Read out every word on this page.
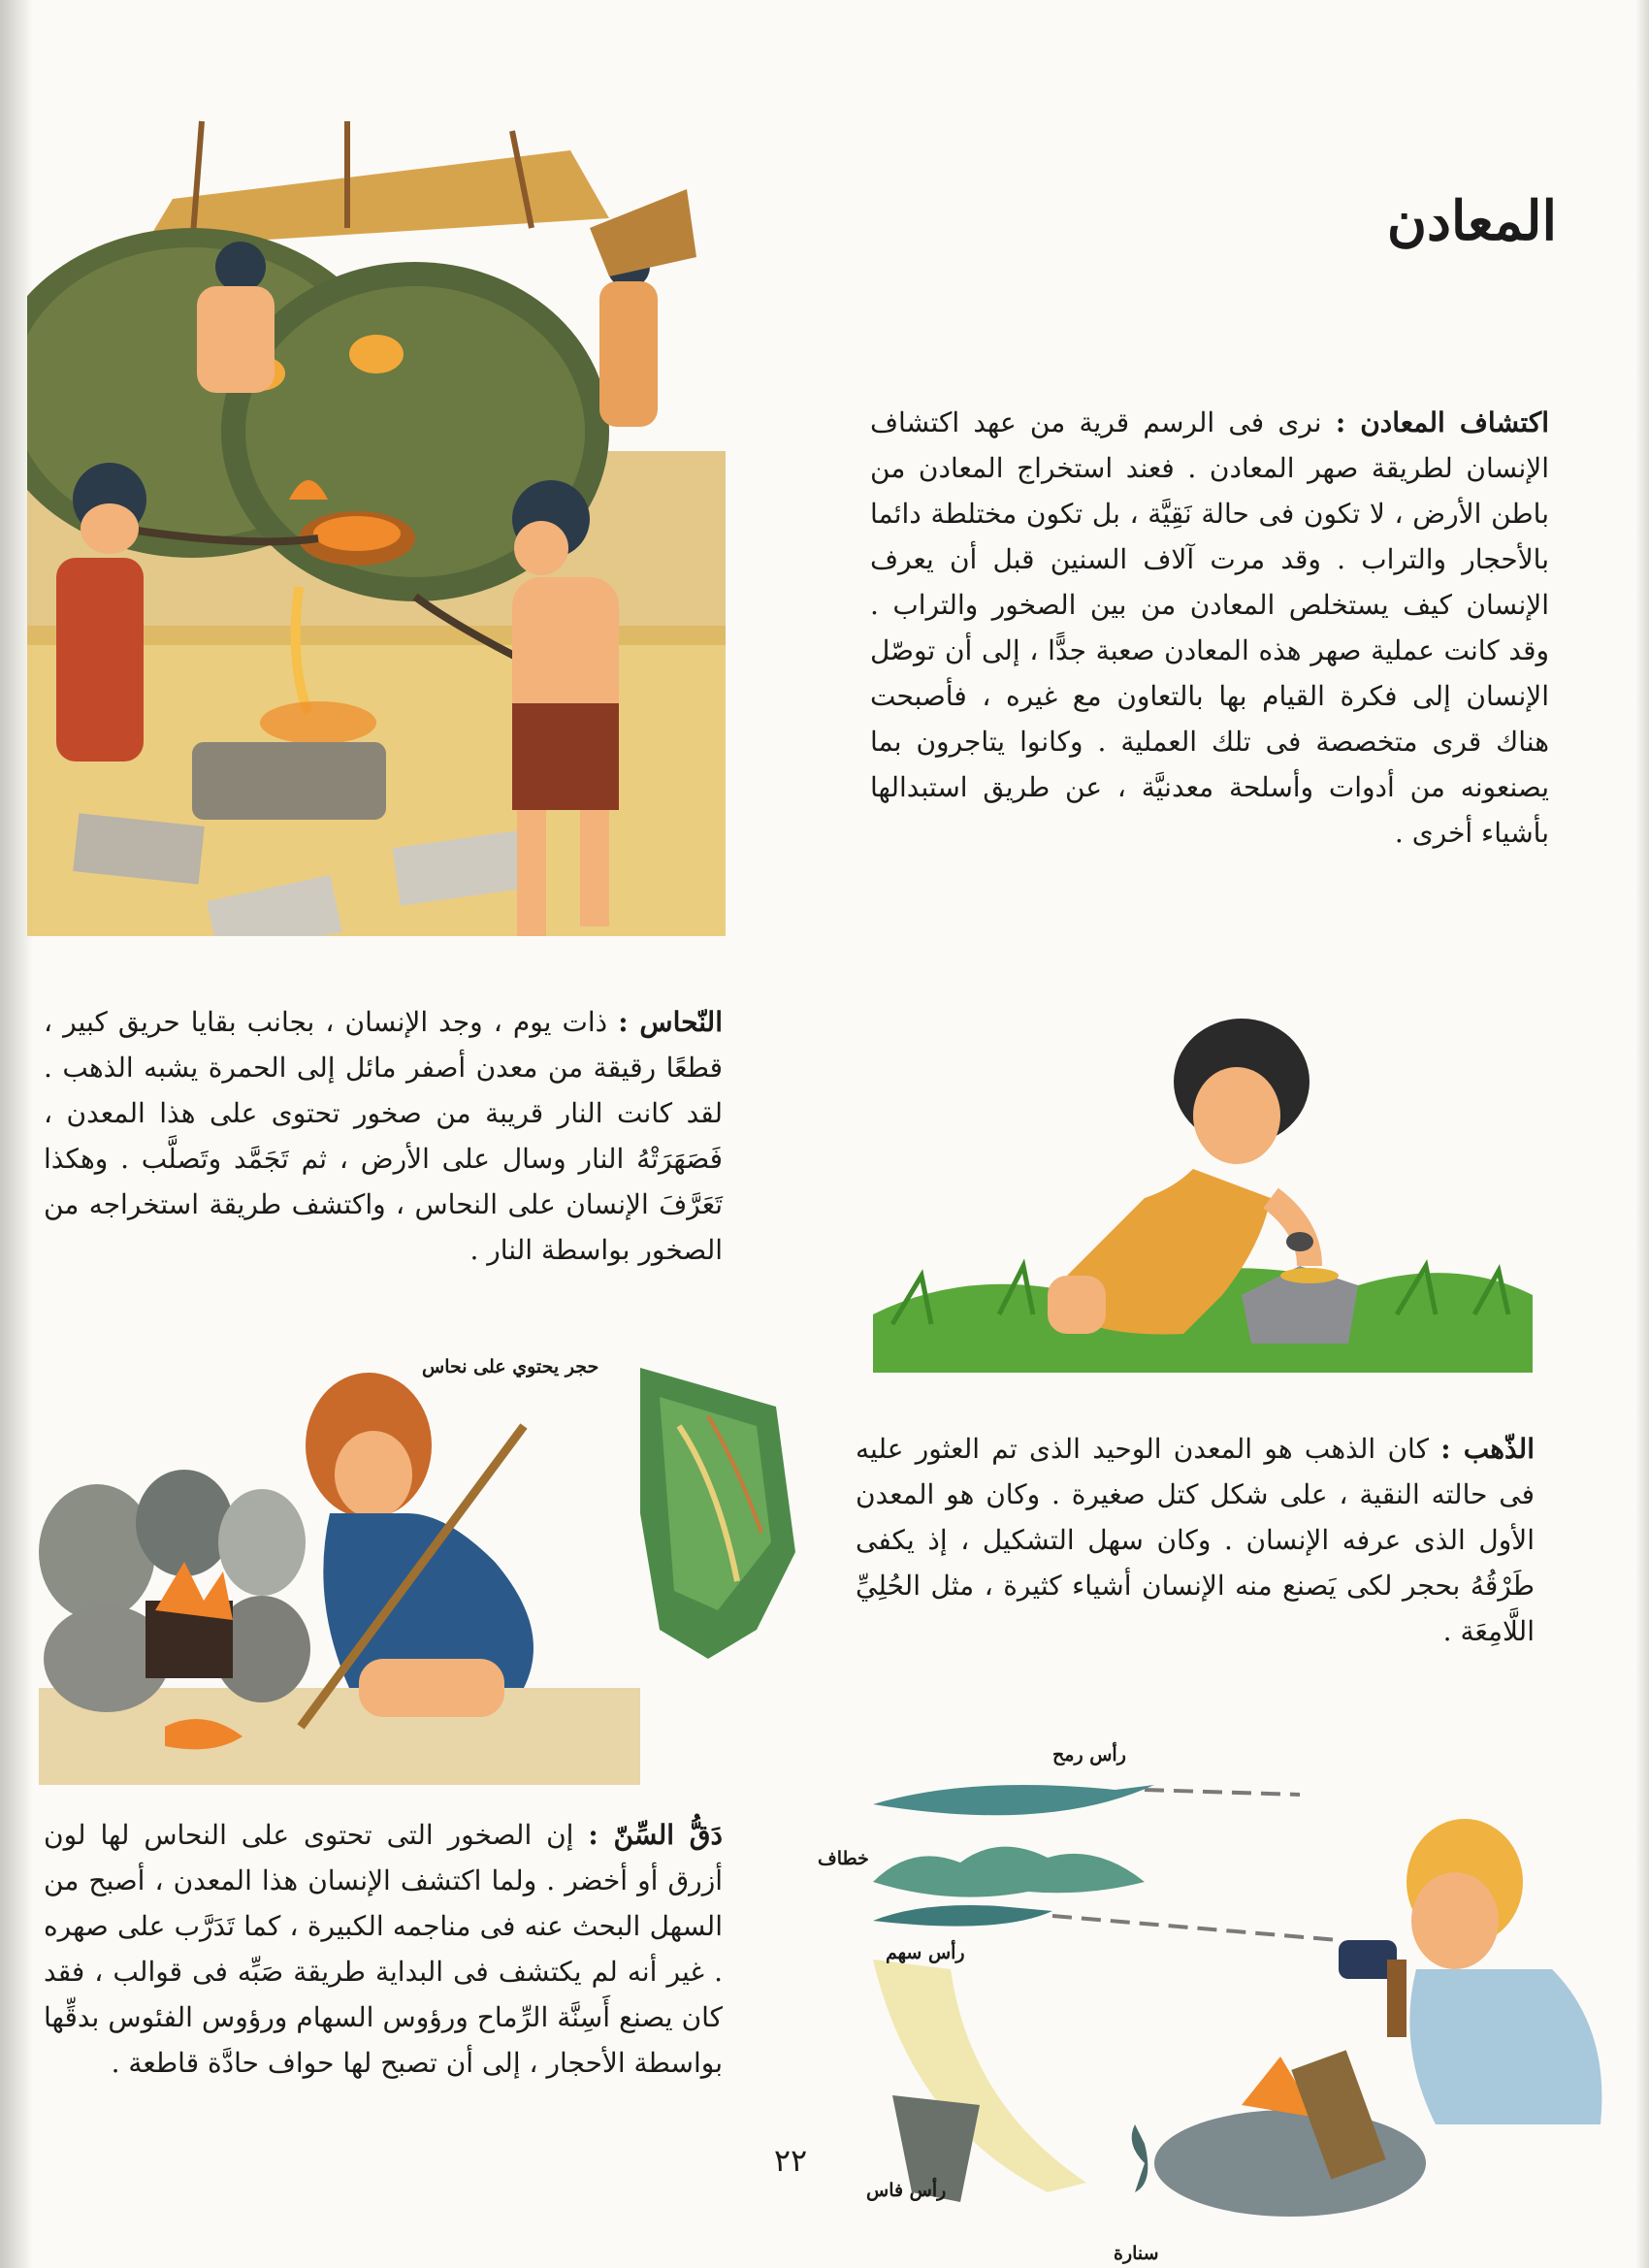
المعادن

اكتشاف المعادن : نرى فى الرسم قرية من عهد اكتشاف الإنسان لطريقة صهر المعادن . فعند استخراج المعادن من باطن الأرض ، لا تكون فى حالة نَقِيَّة ، بل تكون مختلطة دائما بالأحجار والتراب . وقد مرت آلاف السنين قبل أن يعرف الإنسان كيف يستخلص المعادن من بين الصخور والتراب . وقد كانت عملية صهر هذه المعادن صعبة جدًّا ، إلى أن توصّل الإنسان إلى فكرة القيام بها بالتعاون مع غيره ، فأصبحت هناك قرى متخصصة فى تلك العملية . وكانوا يتاجرون بما يصنعونه من أدوات وأسلحة معدنيَّة ، عن طريق استبدالها بأشياء أخرى .

النّحاس : ذات يوم ، وجد الإنسان ، بجانب بقايا حريق كبير ، قطعًا رقيقة من معدن أصفر مائل إلى الحمرة يشبه الذهب . لقد كانت النار قريبة من صخور تحتوى على هذا المعدن ، فَصَهَرَتْهُ النار وسال على الأرض ، ثم تَجَمَّد وتَصلَّب . وهكذا تَعَرَّفَ الإنسان على النحاس ، واكتشف طريقة استخراجه من الصخور بواسطة النار .

الذّهب : كان الذهب هو المعدن الوحيد الذى تم العثور عليه فى حالته النقية ، على شكل كتل صغيرة . وكان هو المعدن الأول الذى عرفه الإنسان . وكان سهل التشكيل ، إذ يكفى طَرْقُهُ بحجر لكى يَصنع منه الإنسان أشياء كثيرة ، مثل الحُلِيِّ اللَّامِعَة .

حجر يحتوي على نحاس

دَقُّ السِّنّ : إن الصخور التى تحتوى على النحاس لها لون أزرق أو أخضر . ولما اكتشف الإنسان هذا المعدن ، أصبح من السهل البحث عنه فى مناجمه الكبيرة ، كما تَدَرَّب على صهره . غير أنه لم يكتشف فى البداية طريقة صَبِّه فى قوالب ، فقد كان يصنع أَسِنَّة الرِّماح ورؤوس السهام ورؤوس الفئوس بدقِّها بواسطة الأحجار ، إلى أن تصبح لها حواف حادَّة قاطعة .

رأس رمح
خطاف
رأس سهم
رأس فاس
سنارة
٢٢
